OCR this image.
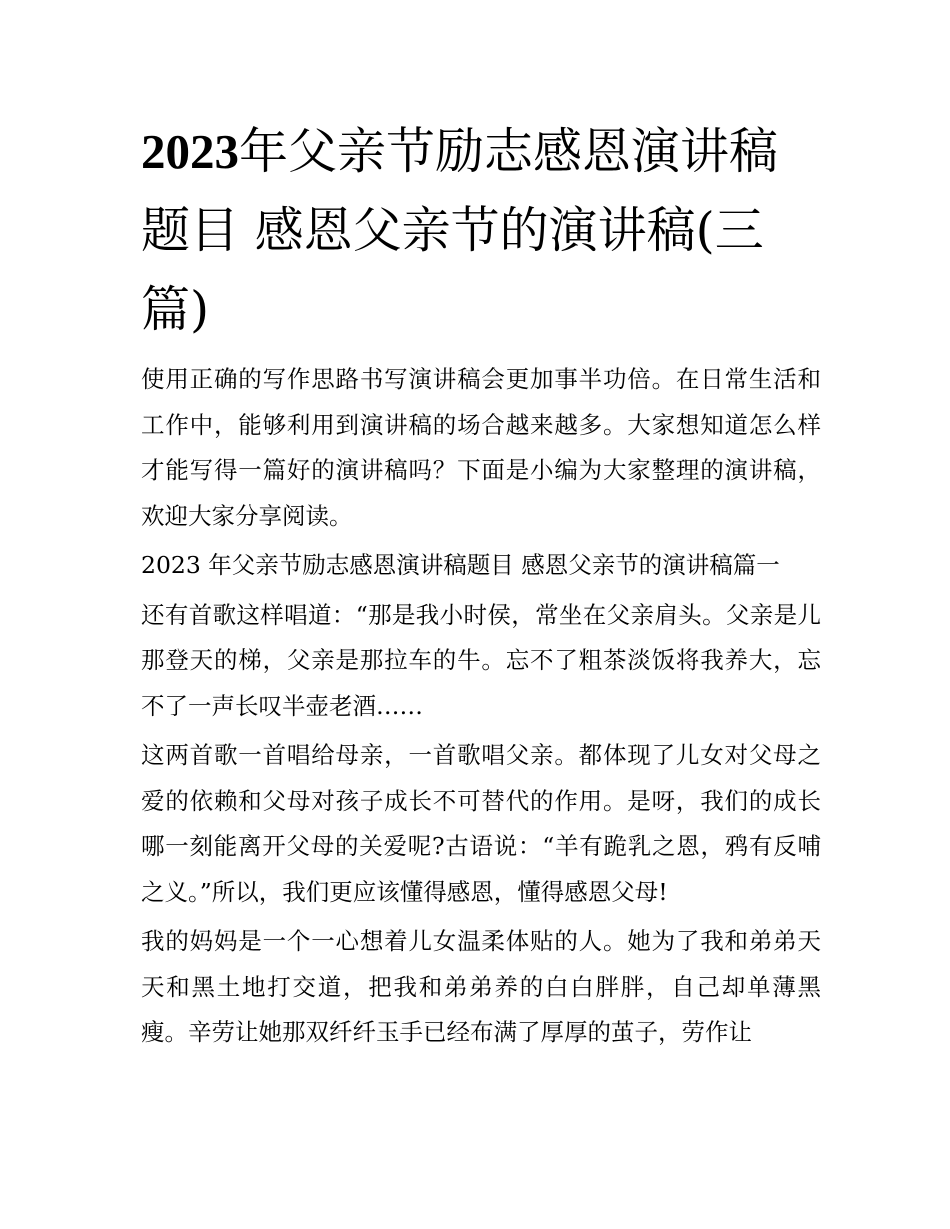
2023年父亲节励志感恩演讲稿题目 感恩父亲节的演讲稿(三篇)

使用正确的写作思路书写演讲稿会更加事半功倍。在日常生活和工作中，能够利用到演讲稿的场合越来越多。大家想知道怎么样才能写得一篇好的演讲稿吗？下面是小编为大家整理的演讲稿，欢迎大家分享阅读。

2023 年父亲节励志感恩演讲稿题目 感恩父亲节的演讲稿篇一

还有首歌这样唱道：“那是我小时侯，常坐在父亲肩头。父亲是儿那登天的梯，父亲是那拉车的牛。忘不了粗茶淡饭将我养大，忘不了一声长叹半壶老酒……

这两首歌一首唱给母亲，一首歌唱父亲。都体现了儿女对父母之爱的依赖和父母对孩子成长不可替代的作用。是呀，我们的成长哪一刻能离开父母的关爱呢?古语说：“羊有跪乳之恩，鸦有反哺之义。”所以，我们更应该懂得感恩，懂得感恩父母!

我的妈妈是一个一心想着儿女温柔体贴的人。她为了我和弟弟天天和黑土地打交道，把我和弟弟养的白白胖胖，自己却单薄黑瘦。辛劳让她那双纤纤玉手已经布满了厚厚的茧子，劳作让
